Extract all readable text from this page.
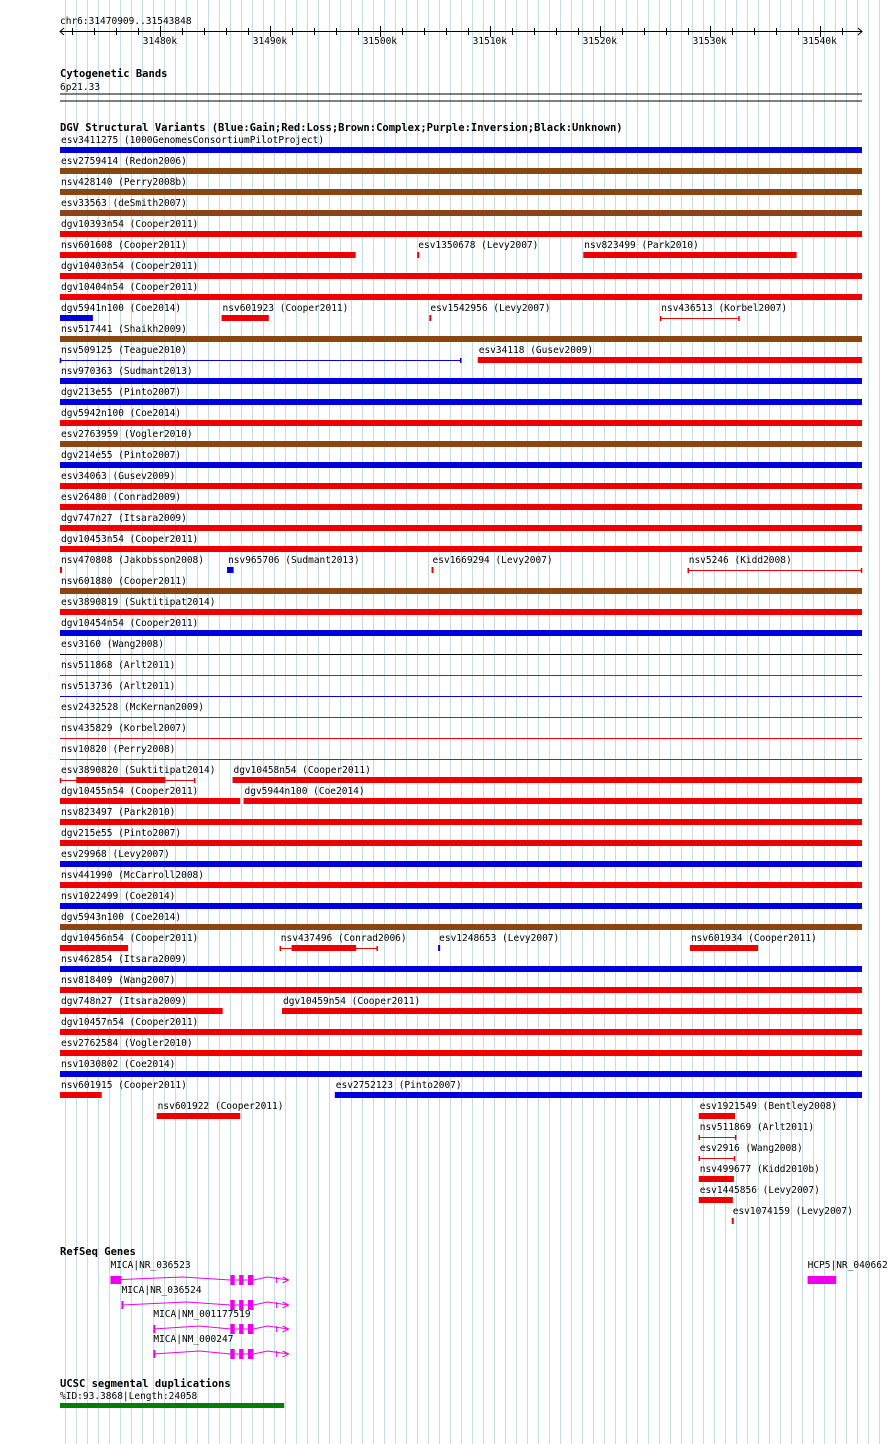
chr6:31470909..31543848
31480k	31490k	31500k	31510k	31520k	31530k	31540k
Cytogenetic Bands
6p21.33
DGV Structural Variants (Blue:Gain;Red:Loss;Brown:Complex;Purple:Inversion;Black:Unknown)
esv3411275 (1000GenomesConsortiumPilotProject)
esv2759414 (Redon2006)
nsv428140 (Perry2008b)
esv33563 (deSmith2007)
dgv10393n54 (Cooper2011)
nsv601608 (Cooper2011)	esv1350678 (Levy2007)	nsv823499 (Park2010)
dgv10403n54 (Cooper2011)
dgv10404n54 (Cooper2011)
dgv5941n100 (Coe2014)	nsv601923 (Cooper2011)	esv1542956 (Levy2007)	nsv436513 (Korbel2007)
nsv517441 (Shaikh2009)
nsv509125 (Teague2010)	esv34118 (Gusev2009)
nsv970363 (Sudmant2013)
dgv213e55 (Pinto2007)
dgv5942n100 (Coe2014)
esv2763959 (Vogler2010)
dgv214e55 (Pinto2007)
esv34063 (Gusev2009)
esv26480 (Conrad2009)
dgv747n27 (Itsara2009)
dgv10453n54 (Cooper2011)
nsv470808 (Jakobsson2008)	nsv965706 (Sudmant2013)	esv1669294 (Levy2007)	nsv5246 (Kidd2008)
nsv601880 (Cooper2011)
esv3890819 (Suktitipat2014)
dgv10454n54 (Cooper2011)
esv3160 (Wang2008)
nsv511868 (Arlt2011)
nsv513736 (Arlt2011)
esv2432528 (McKernan2009)
nsv435829 (Korbel2007)
nsv10820 (Perry2008)
esv3890820 (Suktitipat2014) dgv10458n54 (Cooper2011)
dgv10455n54 (Cooper2011)	dgv5944n100 (Coe2014)
nsv823497 (Park2010)
dgv215e55 (Pinto2007)
esv29968 (Levy2007)
nsv441990 (McCarroll2008)
nsv1022499 (Coe2014)
dgv5943n100 (Coe2014)
dgv10456n54 (Cooper2011)	nsv437496 (Conrad2006)	esv1248653 (Levy2007)	nsv601934 (Cooper2011)
nsv462854 (Itsara2009)
nsv818409 (Wang2007)
dgv748n27 (Itsara2009)	dgv10459n54 (Cooper2011)
dgv10457n54 (Cooper2011)
esv2762584 (Vogler2010)
nsv1030802 (Coe2014)
nsv601915 (Cooper2011)	esv2752123 (Pinto2007)
nsv601922 (Cooper2011)	esv1921549 (Bentley2008)
nsv511869 (Arlt2011)
esv2916 (Wang2008)
nsv499677 (Kidd2010b)
esv1445856 (Levy2007)
esv1074159 (Levy2007)
RefSeq Genes
MICA|NR_036523	HCP5|NR_040662
MICA|NR_036524
MICA|NM_001177519
MICA|NM_000247
UCSC segmental duplications
%ID:93.3868|Length:24058
